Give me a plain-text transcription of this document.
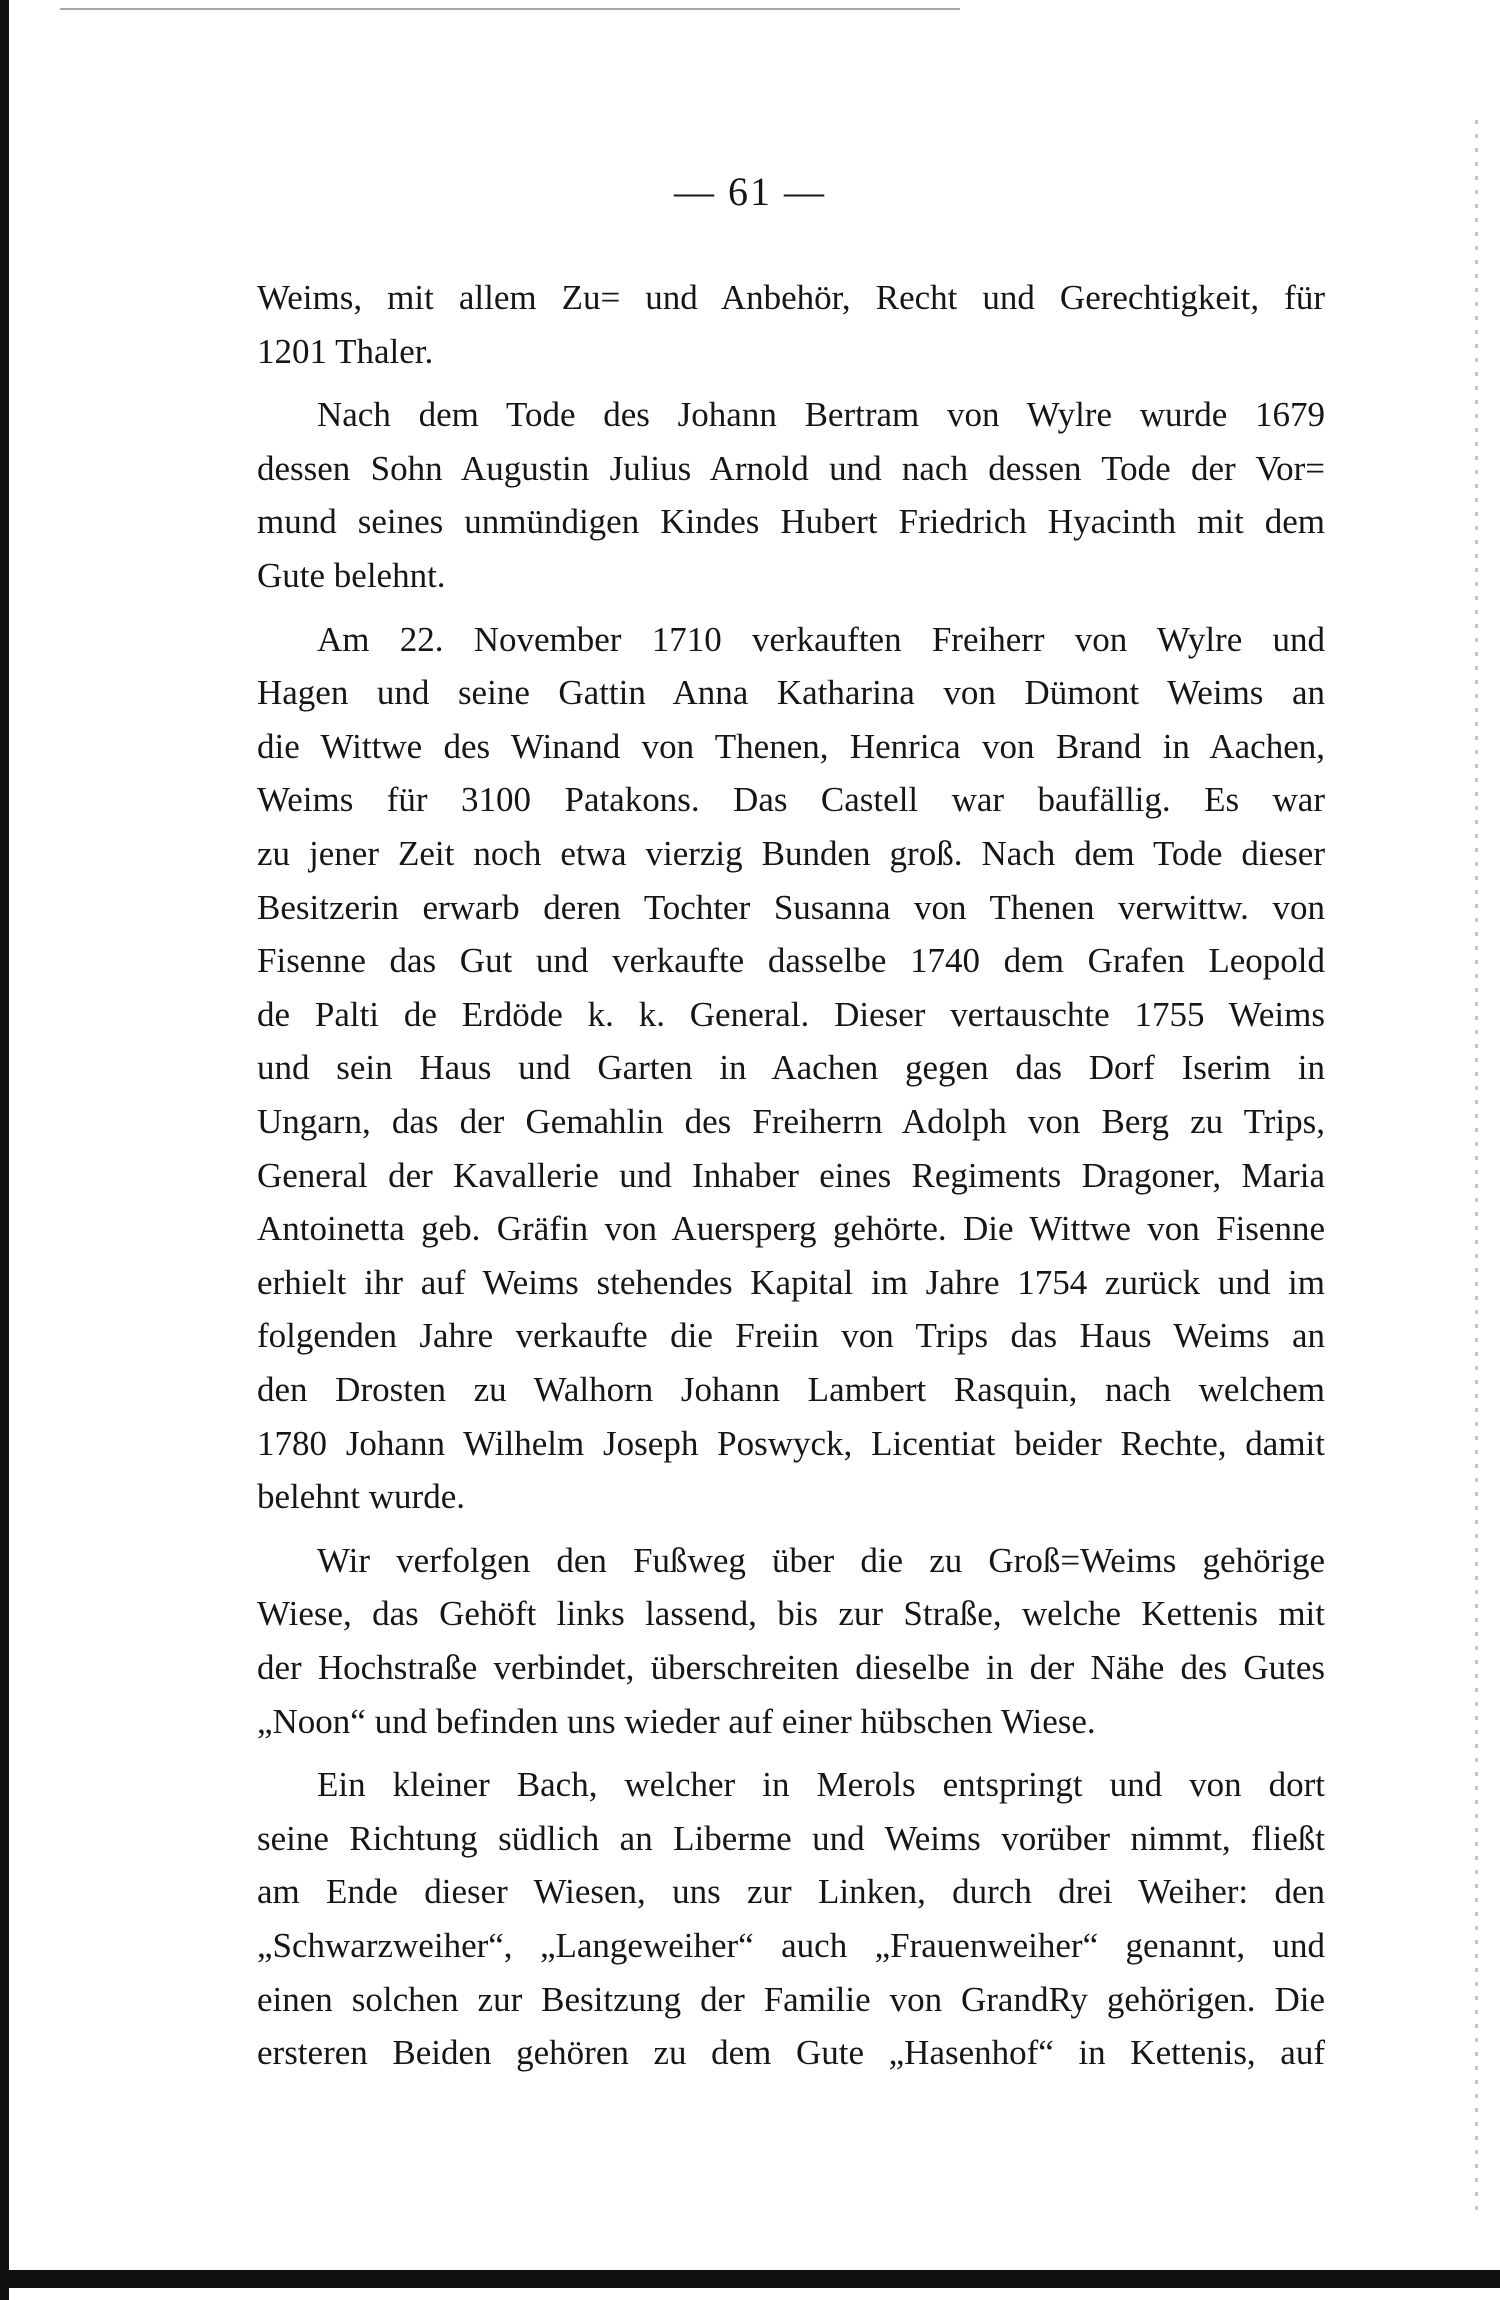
— 61 —
Weims, mit allem Zu= und Anbehör, Recht und Gerechtigkeit, für
1201 Thaler.
Nach dem Tode des Johann Bertram von Wylre wurde 1679
dessen Sohn Augustin Julius Arnold und nach dessen Tode der Vor=
mund seines unmündigen Kindes Hubert Friedrich Hyacinth mit dem
Gute belehnt.
Am 22. November 1710 verkauften Freiherr von Wylre und
Hagen und seine Gattin Anna Katharina von Dümont Weims an
die Wittwe des Winand von Thenen, Henrica von Brand in Aachen,
Weims für 3100 Patakons. Das Castell war baufällig. Es war
zu jener Zeit noch etwa vierzig Bunden groß. Nach dem Tode dieser
Besitzerin erwarb deren Tochter Susanna von Thenen verwittw. von
Fisenne das Gut und verkaufte dasselbe 1740 dem Grafen Leopold
de Palti de Erdöde k. k. General. Dieser vertauschte 1755 Weims
und sein Haus und Garten in Aachen gegen das Dorf Iserim in
Ungarn, das der Gemahlin des Freiherrn Adolph von Berg zu Trips,
General der Kavallerie und Inhaber eines Regiments Dragoner, Maria
Antoinetta geb. Gräfin von Auersperg gehörte. Die Wittwe von Fisenne
erhielt ihr auf Weims stehendes Kapital im Jahre 1754 zurück und im
folgenden Jahre verkaufte die Freiin von Trips das Haus Weims an
den Drosten zu Walhorn Johann Lambert Rasquin, nach welchem
1780 Johann Wilhelm Joseph Poswyck, Licentiat beider Rechte, damit
belehnt wurde.
Wir verfolgen den Fußweg über die zu Groß=Weims gehörige
Wiese, das Gehöft links lassend, bis zur Straße, welche Kettenis mit
der Hochstraße verbindet, überschreiten dieselbe in der Nähe des Gutes
„Noon“ und befinden uns wieder auf einer hübschen Wiese.
Ein kleiner Bach, welcher in Merols entspringt und von dort
seine Richtung südlich an Liberme und Weims vorüber nimmt, fließt
am Ende dieser Wiesen, uns zur Linken, durch drei Weiher: den
„Schwarzweiher“, „Langeweiher“ auch „Frauenweiher“ genannt, und
einen solchen zur Besitzung der Familie von GrandRy gehörigen. Die
ersteren Beiden gehören zu dem Gute „Hasenhof“ in Kettenis, auf
